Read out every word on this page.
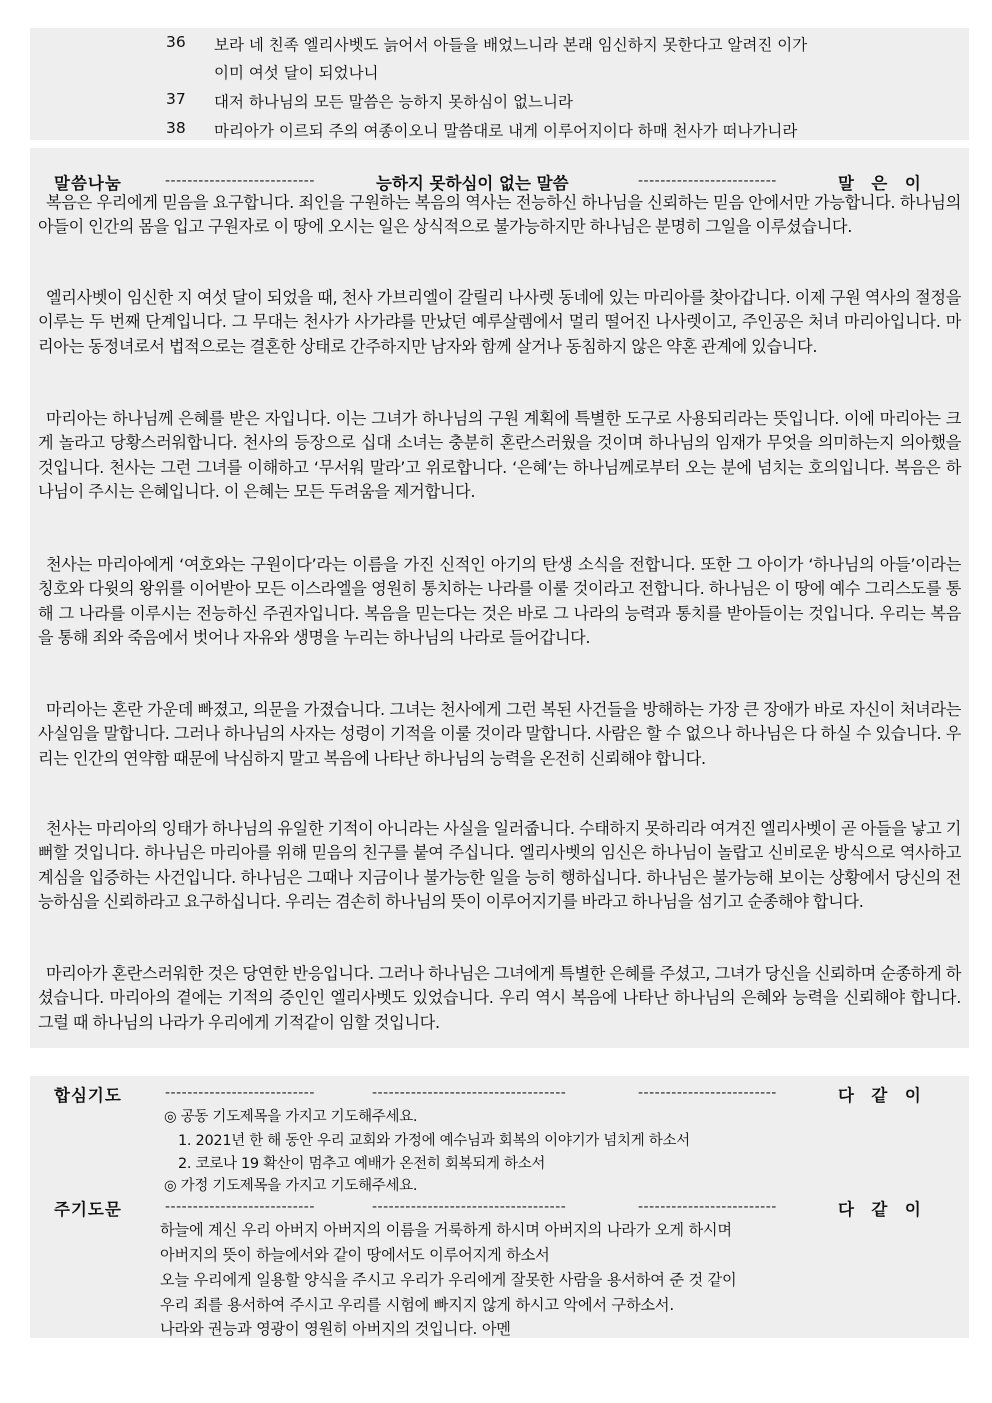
36	보라 네 친족 엘리사벳도 늙어서 아들을 배었느니라 본래 임신하지 못한다고 알려진 이가
이미 여섯 달이 되었나니
37	대저 하나님의 모든 말씀은 능하지 못하심이 없느니라
38	마리아가 이르되 주의 여종이오니 말씀대로 내게 이루어지이다 하매 천사가 떠나가니라
말씀나눔	---------------------------	능하지 못하심이 없는 말씀	-------------------------	말  은  이

복음은 우리에게 믿음을 요구합니다. 죄인을 구원하는 복음의 역사는 전능하신 하나님을 신뢰하는 믿음 안에서만 가능합니다. 하나님의 아들이 인간의 몸을 입고 구원자로 이 땅에 오시는 일은 상식적으로 불가능하지만 하나님은 분명히 그일을 이루셨습니다.

엘리사벳이 임신한 지 여섯 달이 되었을 때, 천사 가브리엘이 갈릴리 나사렛 동네에 있는 마리아를 찾아갑니다. 이제 구원 역사의 절정을 이루는 두 번째 단계입니다. 그 무대는 천사가 사가랴를 만났던 예루살렘에서 멀리 떨어진 나사렛이고, 주인공은 처녀 마리아입니다. 마리아는 동정녀로서 법적으로는 결혼한 상태로 간주하지만 남자와 함께 살거나 동침하지 않은 약혼 관계에 있습니다.

마리아는 하나님께 은혜를 받은 자입니다. 이는 그녀가 하나님의 구원 계획에 특별한 도구로 사용되리라는 뜻입니다. 이에 마리아는 크게 놀라고 당황스러워합니다. 천사의 등장으로 십대 소녀는 충분히 혼란스러웠을 것이며 하나님의 임재가 무엇을 의미하는지 의아했을 것입니다. 천사는 그런 그녀를 이해하고 ‘무서워 말라’고 위로합니다. ‘은혜’는 하나님께로부터 오는 분에 넘치는 호의입니다. 복음은 하나님이 주시는 은혜입니다. 이 은혜는 모든 두려움을 제거합니다.

천사는 마리아에게 ‘여호와는 구원이다’라는 이름을 가진 신적인 아기의 탄생 소식을 전합니다. 또한 그 아이가 ‘하나님의 아들’이라는 칭호와 다윗의 왕위를 이어받아 모든 이스라엘을 영원히 통치하는 나라를 이룰 것이라고 전합니다. 하나님은 이 땅에 예수 그리스도를 통해 그 나라를 이루시는 전능하신 주권자입니다. 복음을 믿는다는 것은 바로 그 나라의 능력과 통치를 받아들이는 것입니다. 우리는 복음을 통해 죄와 죽음에서 벗어나 자유와 생명을 누리는 하나님의 나라로 들어갑니다.

마리아는 혼란 가운데 빠졌고, 의문을 가졌습니다. 그녀는 천사에게 그런 복된 사건들을 방해하는 가장 큰 장애가 바로 자신이 처녀라는 사실임을 말합니다. 그러나 하나님의 사자는 성령이 기적을 이룰 것이라 말합니다. 사람은 할 수 없으나 하나님은 다 하실 수 있습니다. 우리는 인간의 연약함 때문에 낙심하지 말고 복음에 나타난 하나님의 능력을 온전히 신뢰해야 합니다.

천사는 마리아의 잉태가 하나님의 유일한 기적이 아니라는 사실을 일러줍니다. 수태하지 못하리라 여겨진 엘리사벳이 곧 아들을 낳고 기뻐할 것입니다. 하나님은 마리아를 위해 믿음의 친구를 붙여 주십니다. 엘리사벳의 임신은 하나님이 놀랍고 신비로운 방식으로 역사하고 계심을 입증하는 사건입니다. 하나님은 그때나 지금이나 불가능한 일을 능히 행하십니다. 하나님은 불가능해 보이는 상황에서 당신의 전능하심을 신뢰하라고 요구하십니다. 우리는 겸손히 하나님의 뜻이 이루어지기를 바라고 하나님을 섬기고 순종해야 합니다.

마리아가 혼란스러워한 것은 당연한 반응입니다. 그러나 하나님은 그녀에게 특별한 은혜를 주셨고, 그녀가 당신을 신뢰하며 순종하게 하셨습니다. 마리아의 곁에는 기적의 증인인 엘리사벳도 있었습니다. 우리 역시 복음에 나타난 하나님의 은혜와 능력을 신뢰해야 합니다. 그럴 때 하나님의 나라가 우리에게 기적같이 임할 것입니다.

합심기도	---------------------------	-----------------------------------	-------------------------	다  같  이
◎ 공동 기도제목을 가지고 기도해주세요.
1. 2021년 한 해 동안 우리 교회와 가정에 예수님과 회복의 이야기가 넘치게 하소서
2. 코로나 19 확산이 멈추고 예배가 온전히 회복되게 하소서
◎ 가정 기도제목을 가지고 기도해주세요.
주기도문	---------------------------	-----------------------------------	-------------------------	다  같  이
하늘에 계신 우리 아버지 아버지의 이름을 거룩하게 하시며 아버지의 나라가 오게 하시며
아버지의 뜻이 하늘에서와 같이 땅에서도 이루어지게 하소서
오늘 우리에게 일용할 양식을 주시고 우리가 우리에게 잘못한 사람을 용서하여 준 것 같이
우리 죄를 용서하여 주시고 우리를 시험에 빠지지 않게 하시고 악에서 구하소서.
나라와 권능과 영광이 영원히 아버지의 것입니다. 아멘
